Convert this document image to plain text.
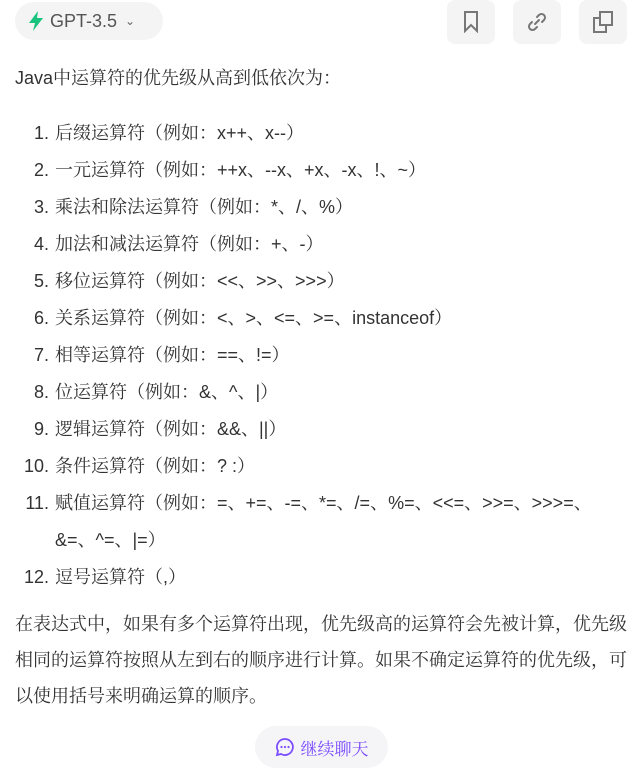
GPT-3.5 ⌄
Java中运算符的优先级从高到低依次为：
1. 后缀运算符（例如：x++、x--）
2. 一元运算符（例如：++x、--x、+x、-x、!、~）
3. 乘法和除法运算符（例如：*、/、%）
4. 加法和减法运算符（例如：+、-）
5. 移位运算符（例如：<<、>>、>>>）
6. 关系运算符（例如：<、>、<=、>=、instanceof）
7. 相等运算符（例如：==、!=）
8. 位运算符（例如：&、^、|）
9. 逻辑运算符（例如：&&、||）
10. 条件运算符（例如：? :）
11. 赋值运算符（例如：=、+=、-=、*=、/=、%=、<<=、>>=、>>>=、&=、^=、|=）
12. 逗号运算符（,）
在表达式中，如果有多个运算符出现，优先级高的运算符会先被计算，优先级相同的运算符按照从左到右的顺序进行计算。如果不确定运算符的优先级，可以使用括号来明确运算的顺序。
继续聊天
